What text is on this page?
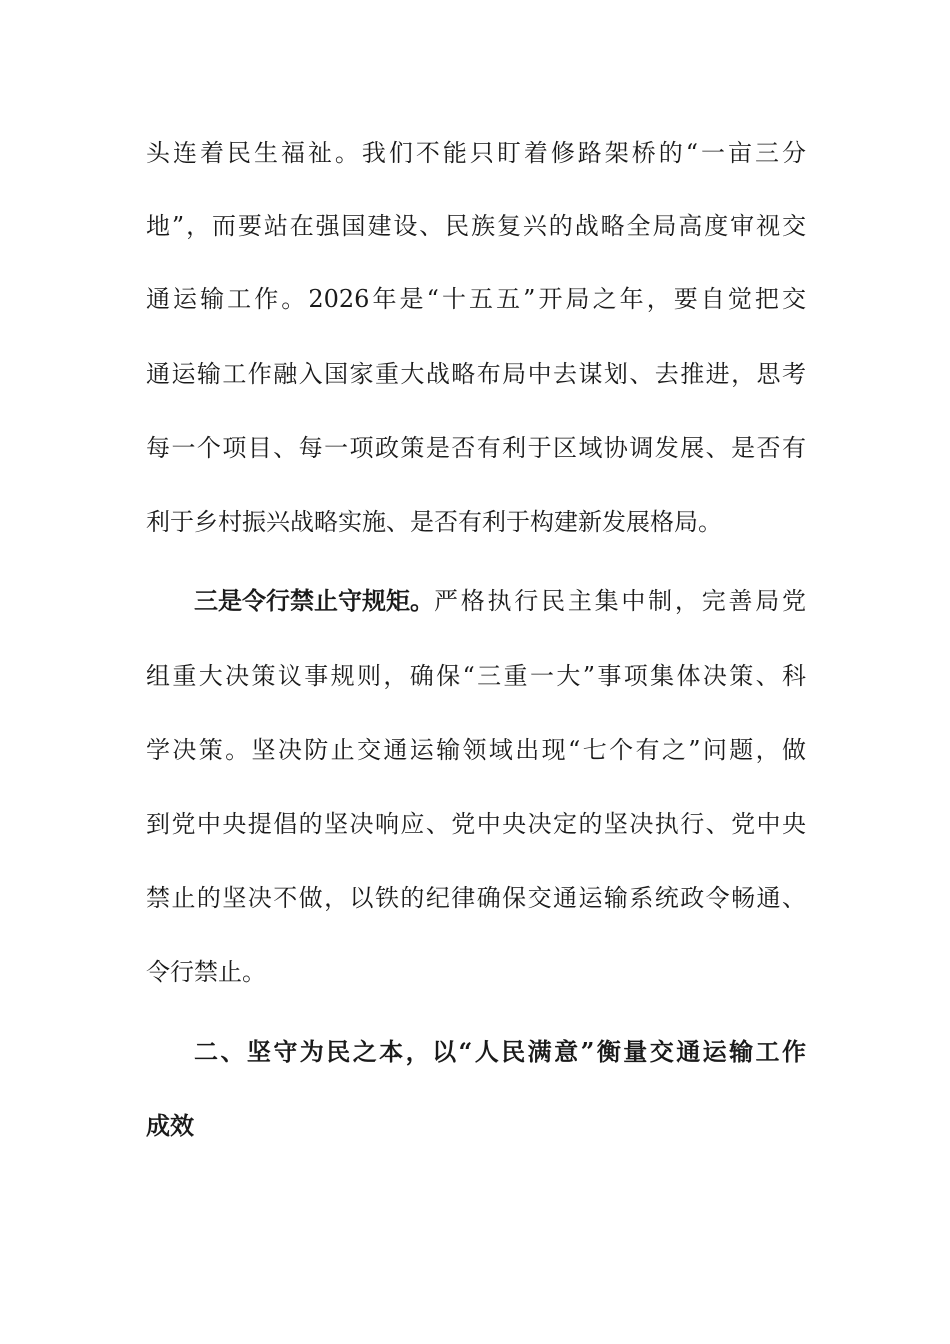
头连着民生福祉。我们不能只盯着修路架桥的“一亩三分
地”，而要站在强国建设、民族复兴的战略全局高度审视交
通运输工作。2026年是“十五五”开局之年，要自觉把交
通运输工作融入国家重大战略布局中去谋划、去推进，思考
每一个项目、每一项政策是否有利于区域协调发展、是否有
利于乡村振兴战略实施、是否有利于构建新发展格局。
三是令行禁止守规矩。 严格执行民主集中制，完善局党
组重大决策议事规则，确保“三重一大”事项集体决策、科
学决策。坚决防止交通运输领域出现“七个有之”问题，做
到党中央提倡的坚决响应、党中央决定的坚决执行、党中央
禁止的坚决不做，以铁的纪律确保交通运输系统政令畅通、
令行禁止。
二、坚守为民之本，以“人民满意”衡量交通运输工作
成效
